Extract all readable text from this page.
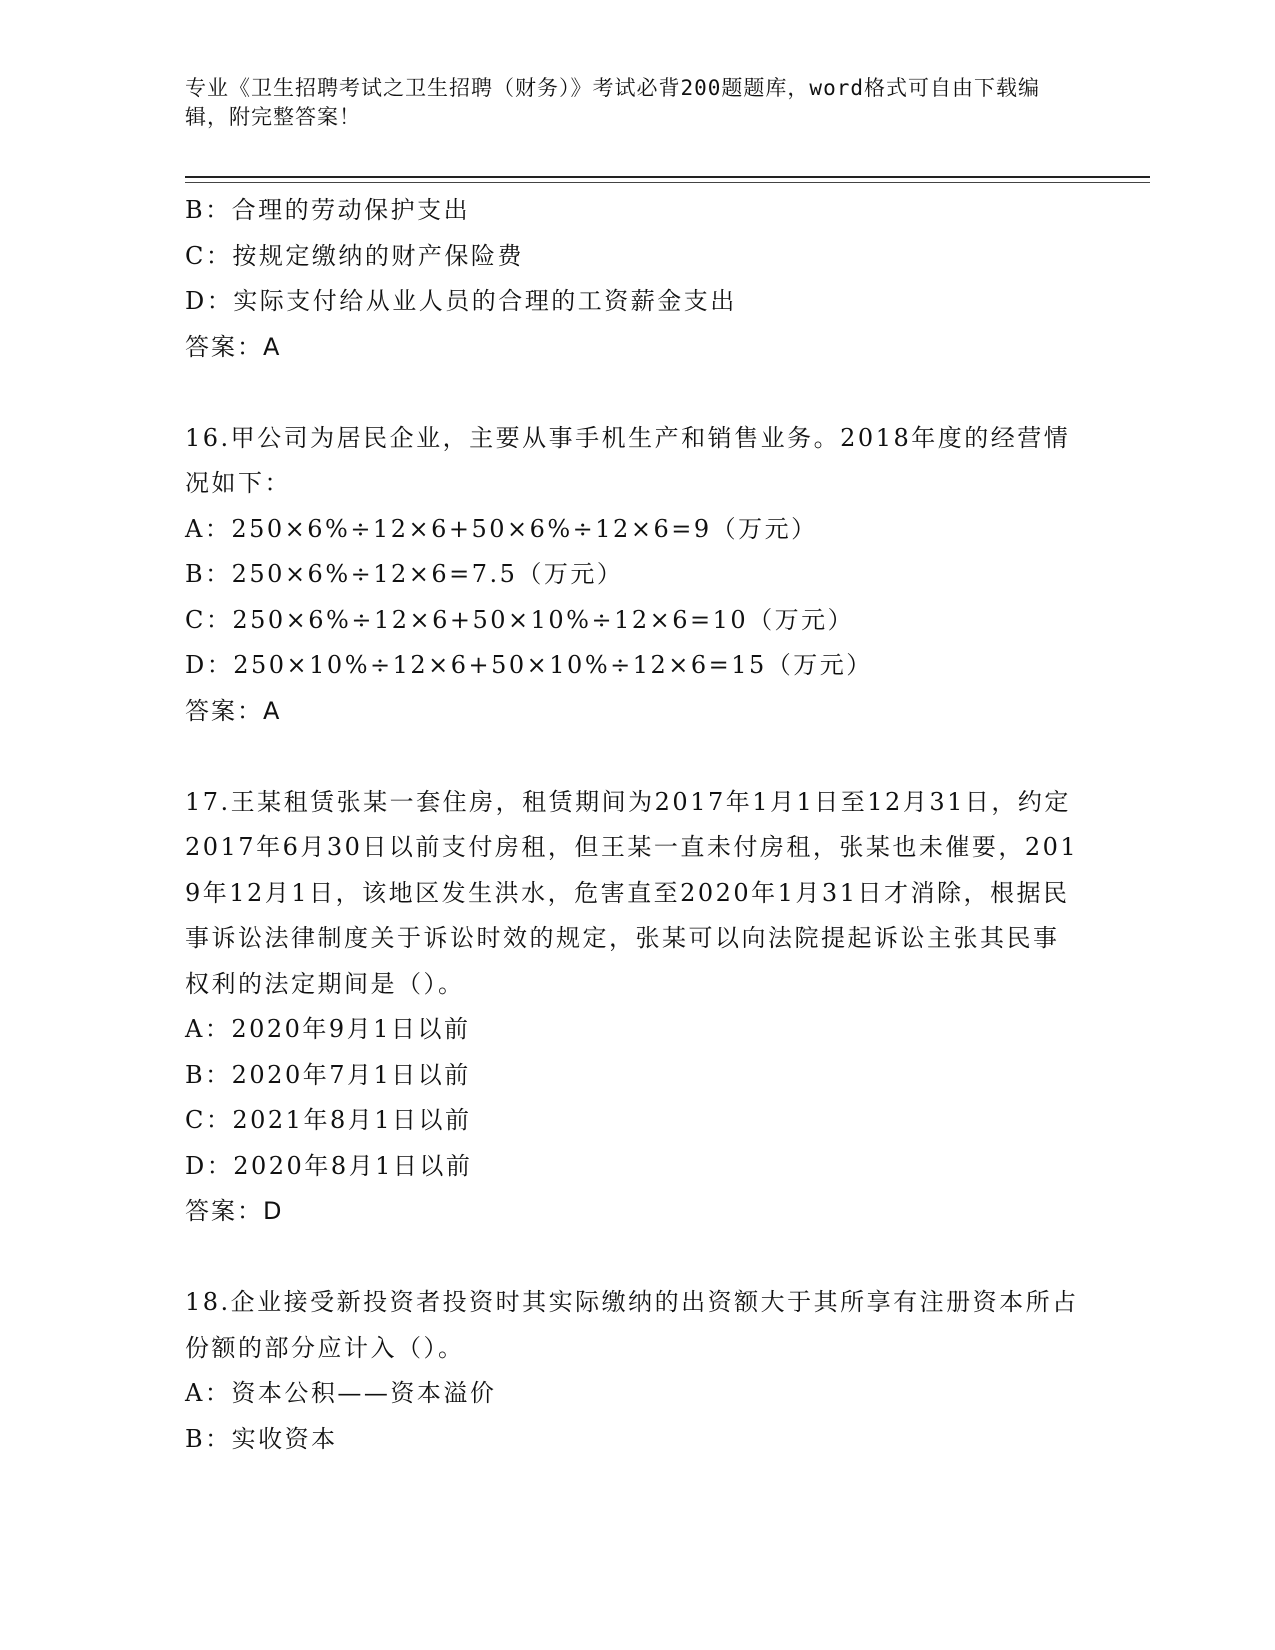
专业《卫生招聘考试之卫生招聘（财务）》考试必背200题题库，word格式可自由下载编辑，附完整答案！
B：合理的劳动保护支出
C：按规定缴纳的财产保险费
D：实际支付给从业人员的合理的工资薪金支出
答案：A
16.甲公司为居民企业，主要从事手机生产和销售业务。2018年度的经营情况如下：
A：250×6%÷12×6+50×6%÷12×6=9（万元）
B：250×6%÷12×6=7.5（万元）
C：250×6%÷12×6+50×10%÷12×6=10（万元）
D：250×10%÷12×6+50×10%÷12×6=15（万元）
答案：A
17.王某租赁张某一套住房，租赁期间为2017年1月1日至12月31日，约定2017年6月30日以前支付房租，但王某一直未付房租，张某也未催要，2019年12月1日，该地区发生洪水，危害直至2020年1月31日才消除，根据民事诉讼法律制度关于诉讼时效的规定，张某可以向法院提起诉讼主张其民事权利的法定期间是（）。
A：2020年9月1日以前
B：2020年7月1日以前
C：2021年8月1日以前
D：2020年8月1日以前
答案：D
18.企业接受新投资者投资时其实际缴纳的出资额大于其所享有注册资本所占份额的部分应计入（）。
A：资本公积——资本溢价
B：实收资本
